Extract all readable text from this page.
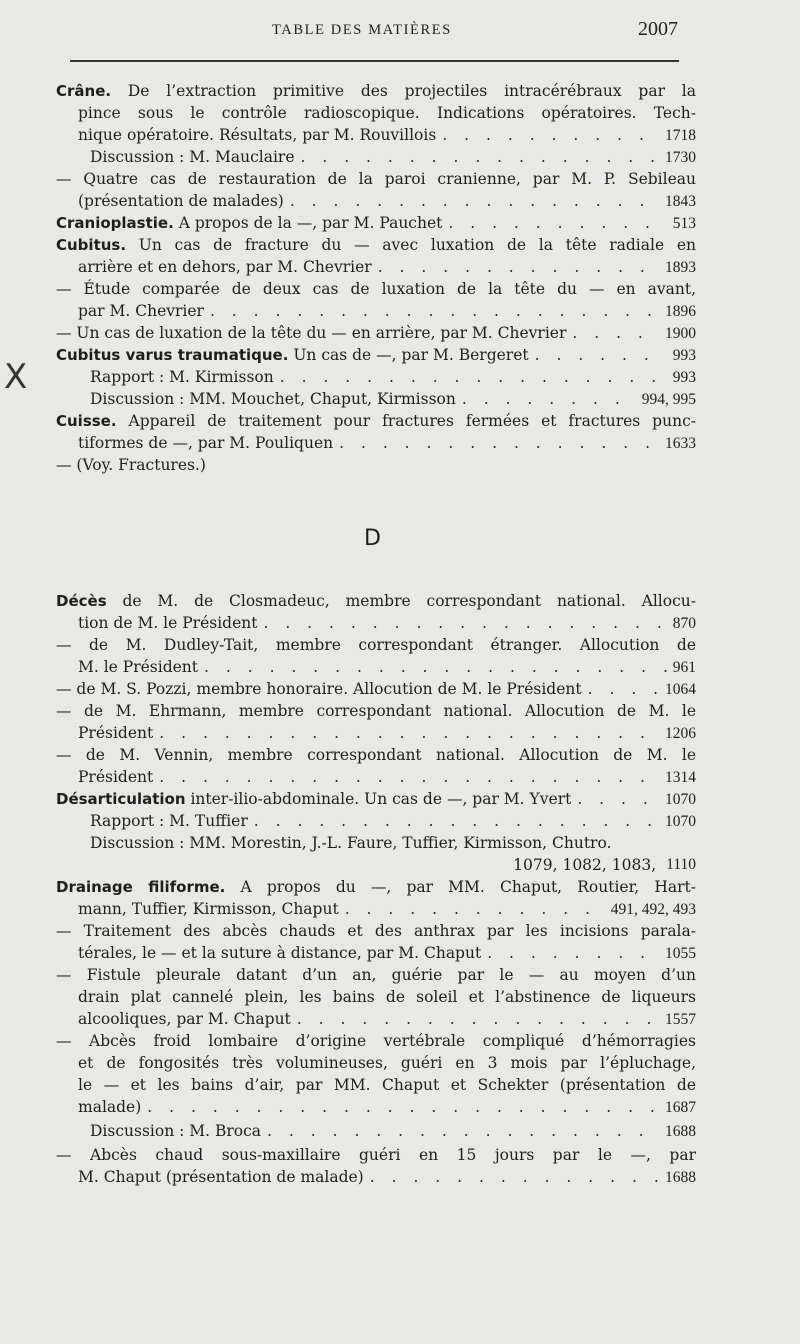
TABLE DES MATIÈRES	2007
X
Crâne. De l’extraction primitive des projectiles intracérébraux par la
pince sous le contrôle radioscopique. Indications opératoires. Tech-
nique opératoire. Résultats, par M. Rouvillois . . .	1718
Discussion : M. Mauclaire . . .	1730
— Quatre cas de restauration de la paroi cranienne, par M. P. Sebileau
(présentation de malades) . . .	1843
Cranioplastie. A propos de la —, par M. Pauchet . . .	513
Cubitus. Un cas de fracture du — avec luxation de la tête radiale en
arrière et en dehors, par M. Chevrier . . .	1893
— Étude comparée de deux cas de luxation de la tête du — en avant,
par M. Chevrier . . .	1896
— Un cas de luxation de la tête du — en arrière, par M. Chevrier . . .	1900
Cubitus varus traumatique. Un cas de —, par M. Bergeret . . .	993
Rapport : M. Kirmisson . . .	993
Discussion : MM. Mouchet, Chaput, Kirmisson . . .	994, 995
Cuisse. Appareil de traitement pour fractures fermées et fractures punc-
tiformes de —, par M. Pouliquen . . .	1633
— (Voy. Fractures.)
D
Décès de M. de Closmadeuc, membre correspondant national. Allocu-
tion de M. le Président . . .	870
— de M. Dudley-Tait, membre correspondant étranger. Allocution de
M. le Président . . .	961
— de M. S. Pozzi, membre honoraire. Allocution de M. le Président . . .	1064
— de M. Ehrmann, membre correspondant national. Allocution de M. le
Président . . .	1206
— de M. Vennin, membre correspondant national. Allocution de M. le
Président . . .	1314
Désarticulation inter-ilio-abdominale. Un cas de —, par M. Yvert . . .	1070
Rapport : M. Tuffier . . .	1070
Discussion : MM. Morestin, J.-L. Faure, Tuffier, Kirmisson, Chutro.
1079, 1082, 1083, 1110
Drainage filiforme. A propos du —, par MM. Chaput, Routier, Hart-
mann, Tuffier, Kirmisson, Chaput . . .	491, 492, 493
— Traitement des abcès chauds et des anthrax par les incisions parala-
térales, le — et la suture à distance, par M. Chaput . . .	1055
— Fistule pleurale datant d’un an, guérie par le — au moyen d’un
drain plat cannelé plein, les bains de soleil et l’abstinence de liqueurs
alcooliques, par M. Chaput . . .	1557
— Abcès froid lombaire d’origine vertébrale compliqué d’hémorragies
et de fongosités très volumineuses, guéri en 3 mois par l’épluchage,
le — et les bains d’air, par MM. Chaput et Schekter (présentation de
malade) . . .	1687
Discussion : M. Broca . . .	1688
— Abcès chaud sous-maxillaire guéri en 15 jours par le —, par
M. Chaput (présentation de malade) . . .	1688
